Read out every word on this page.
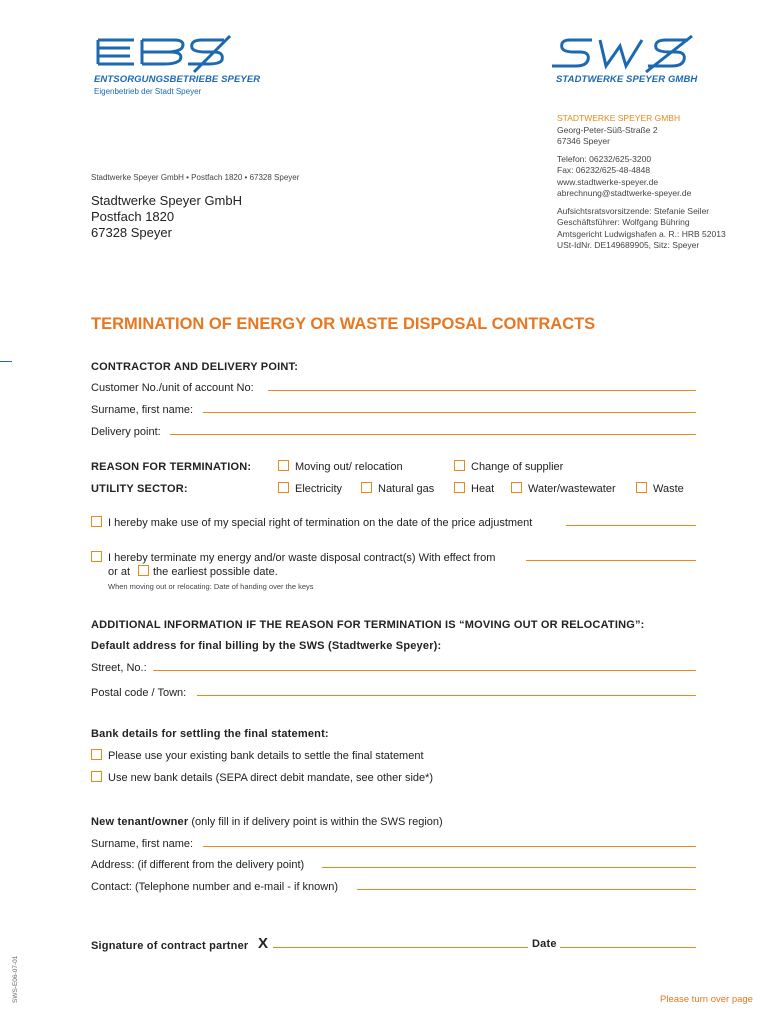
ENTSORGUNGSBETRIEBE SPEYER
Eigenbetrieb der Stadt Speyer
STADTWERKE SPEYER GMBH
Stadtwerke Speyer GmbH • Postfach 1820 • 67328 Speyer
Stadtwerke Speyer GmbH
Postfach 1820
67328 Speyer
STADTWERKE SPEYER GMBH
Georg-Peter-Süß-Straße 2
67346 Speyer
Telefon: 06232/625-3200
Fax: 06232/625-48-4848
www.stadtwerke-speyer.de
abrechnung@stadtwerke-speyer.de
Aufsichtsratsvorsitzende: Stefanie Seiler
Geschäftsführer: Wolfgang Bühring
Amtsgericht Ludwigshafen a. R.: HRB 52013
USt-IdNr. DE149689905, Sitz: Speyer
TERMINATION OF ENERGY OR WASTE DISPOSAL CONTRACTS
CONTRACTOR AND DELIVERY POINT:
Customer No./unit of account No:
Surname, first name:
Delivery point:
REASON FOR TERMINATION:	Moving out/ relocation	Change of supplier
UTILITY SECTOR:	Electricity	Natural gas	Heat	Water/wastewater	Waste
I hereby make use of my special right of termination on the date of the price adjustment
I hereby terminate my energy and/or waste disposal contract(s) With effect from
or at the earliest possible date.
When moving out or relocating: Date of handing over the keys
ADDITIONAL INFORMATION IF THE REASON FOR TERMINATION IS “MOVING OUT OR RELOCATING”:
Default address for final billing by the SWS (Stadtwerke Speyer):
Street, No.:
Postal code / Town:
Bank details for settling the final statement:
Please use your existing bank details to settle the final statement
Use new bank details (SEPA direct debit mandate, see other side*)
New tenant/owner (only fill in if delivery point is within the SWS region)
Surname, first name:
Address: (if different from the delivery point)
Contact: (Telephone number and e-mail - if known)
Signature of contract partner X	Date
SWS-E06-07-01	Please turn over page
